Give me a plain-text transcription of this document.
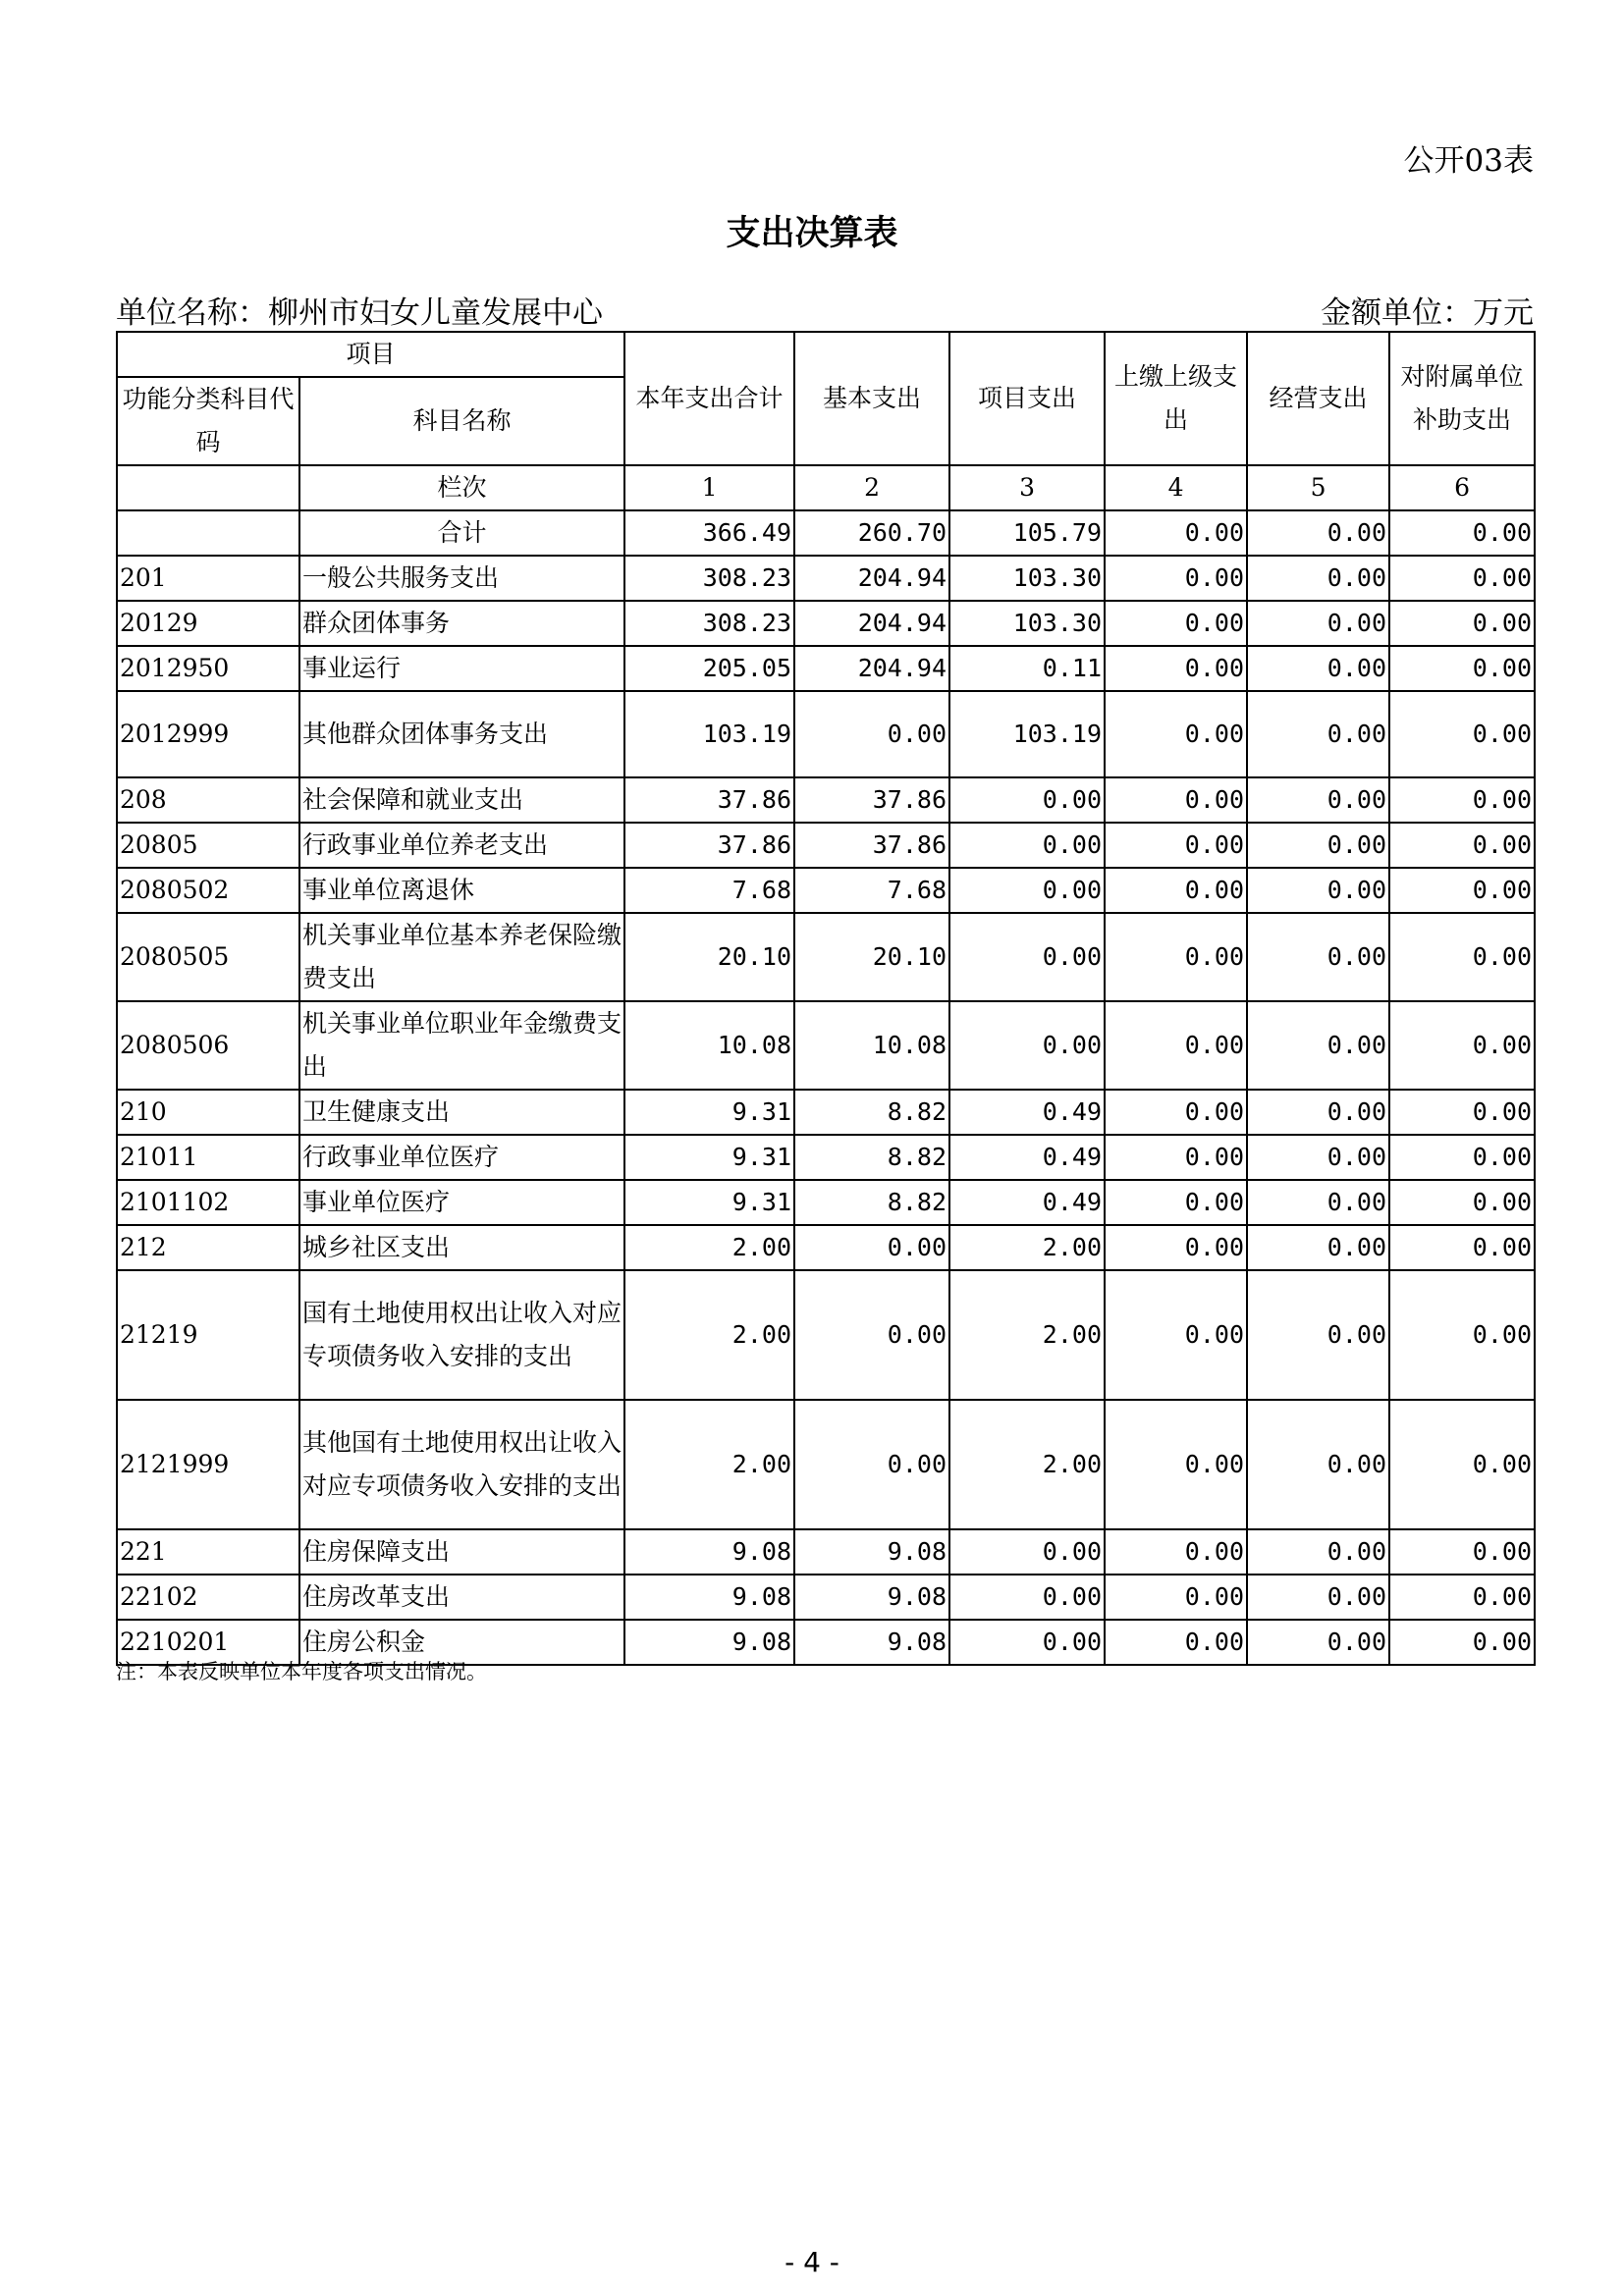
公开03表
支出决算表
单位名称：柳州市妇女儿童发展中心	金额单位：万元
项目		本年支出合计	基本支出	项目支出	上缴上级支出	经营支出	对附属单位补助支出
功能分类科目代码	科目名称						
	栏次	1	2	3	4	5	6
	合计	366.49	260.70	105.79	0.00	0.00	0.00
201	一般公共服务支出	308.23	204.94	103.30	0.00	0.00	0.00
20129	群众团体事务	308.23	204.94	103.30	0.00	0.00	0.00
2012950	事业运行	205.05	204.94	0.11	0.00	0.00	0.00
2012999	其他群众团体事务支出	103.19	0.00	103.19	0.00	0.00	0.00
208	社会保障和就业支出	37.86	37.86	0.00	0.00	0.00	0.00
20805	行政事业单位养老支出	37.86	37.86	0.00	0.00	0.00	0.00
2080502	事业单位离退休	7.68	7.68	0.00	0.00	0.00	0.00
2080505	机关事业单位基本养老保险缴费支出	20.10	20.10	0.00	0.00	0.00	0.00
2080506	机关事业单位职业年金缴费支出	10.08	10.08	0.00	0.00	0.00	0.00
210	卫生健康支出	9.31	8.82	0.49	0.00	0.00	0.00
21011	行政事业单位医疗	9.31	8.82	0.49	0.00	0.00	0.00
2101102	事业单位医疗	9.31	8.82	0.49	0.00	0.00	0.00
212	城乡社区支出	2.00	0.00	2.00	0.00	0.00	0.00
21219	国有土地使用权出让收入对应专项债务收入安排的支出	2.00	0.00	2.00	0.00	0.00	0.00
2121999	其他国有土地使用权出让收入对应专项债务收入安排的支出	2.00	0.00	2.00	0.00	0.00	0.00
221	住房保障支出	9.08	9.08	0.00	0.00	0.00	0.00
22102	住房改革支出	9.08	9.08	0.00	0.00	0.00	0.00
2210201	住房公积金	9.08	9.08	0.00	0.00	0.00	0.00
注：本表反映单位本年度各项支出情况。
- 4 -
